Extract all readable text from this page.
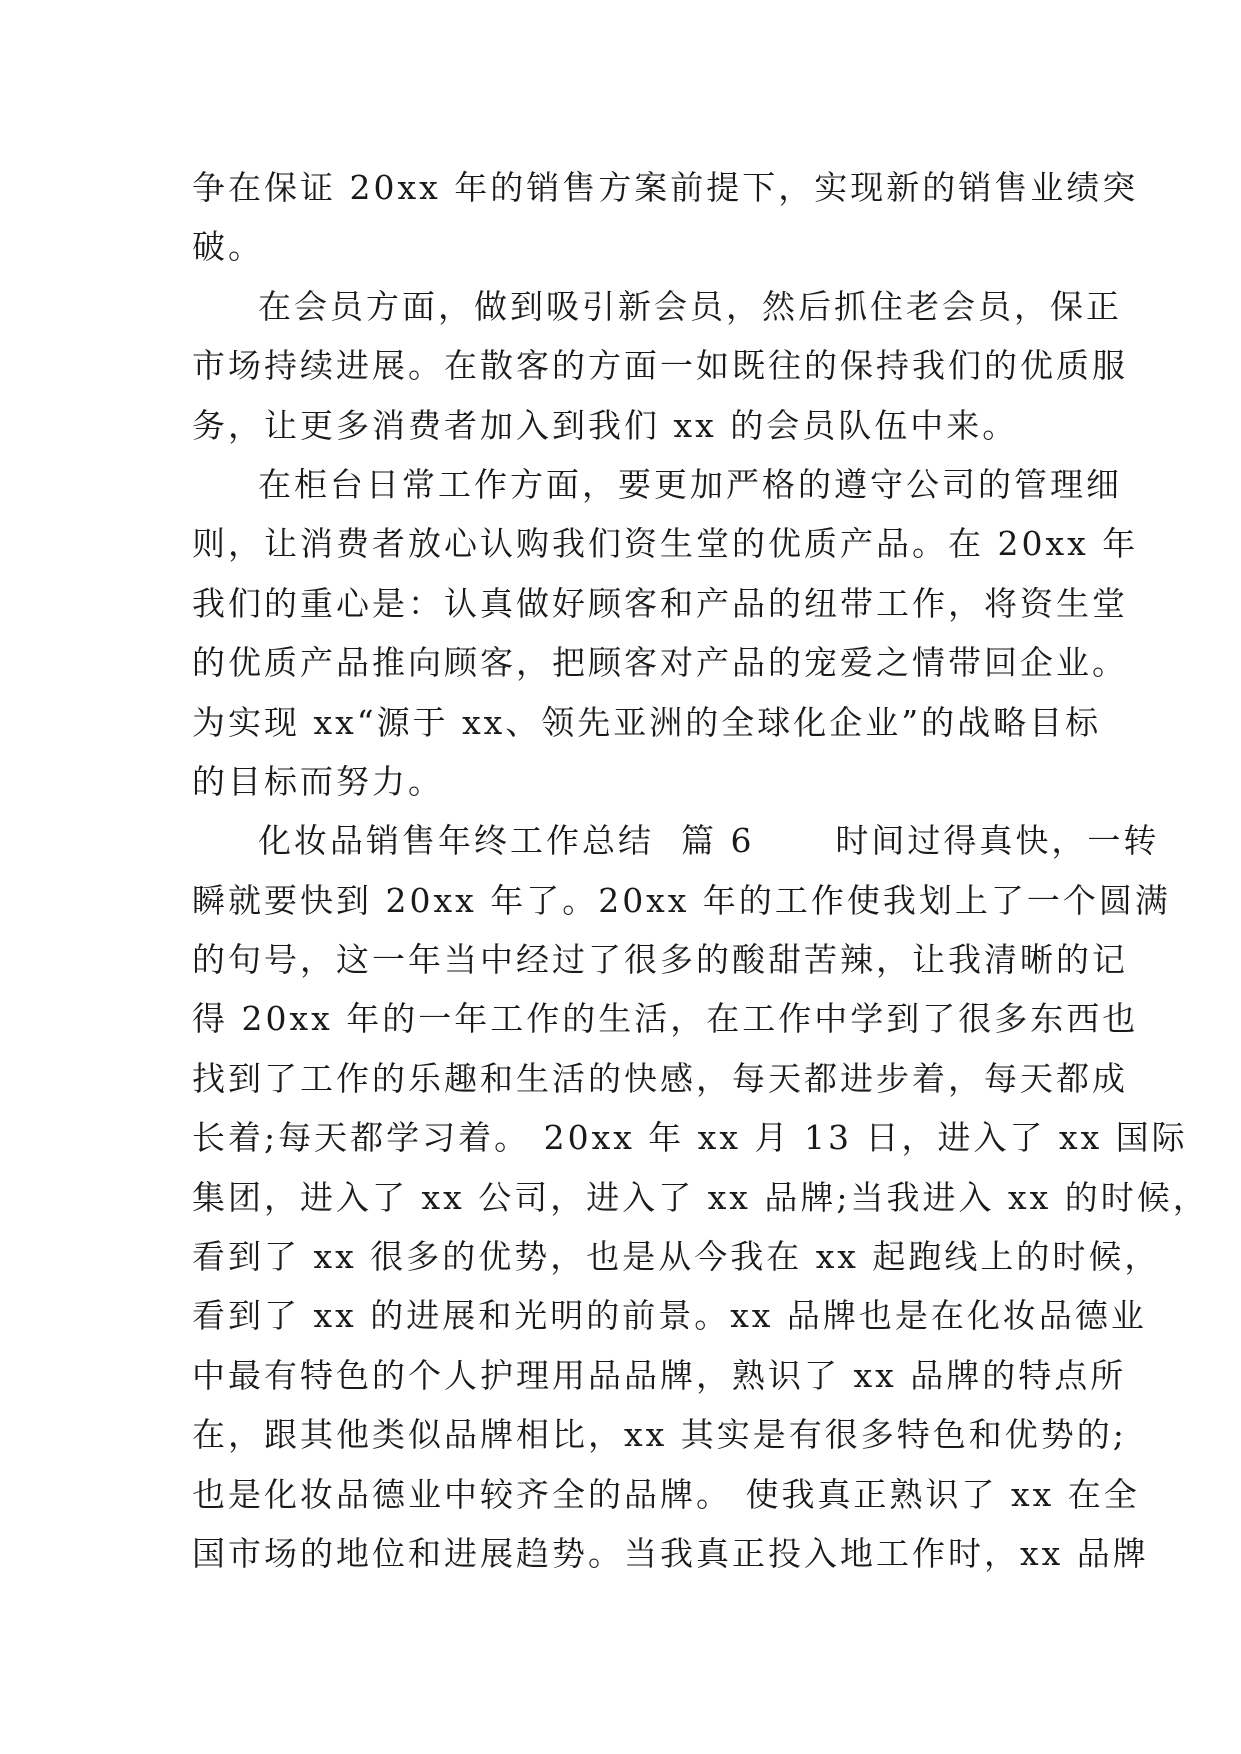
争在保证 20xx 年的销售方案前提下，实现新的销售业绩突
破。
在会员方面，做到吸引新会员，然后抓住老会员，保正
市场持续进展。在散客的方面一如既往的保持我们的优质服
务，让更多消费者加入到我们 xx 的会员队伍中来。
在柜台日常工作方面，要更加严格的遵守公司的管理细
则，让消费者放心认购我们资生堂的优质产品。在 20xx 年
我们的重心是：认真做好顾客和产品的纽带工作，将资生堂
的优质产品推向顾客，把顾客对产品的宠爱之情带回企业。
为实现 xx“源于 xx、领先亚洲的全球化企业”的战略目标
的目标而努力。
化妆品销售年终工作总结  篇 6      时间过得真快，一转
瞬就要快到 20xx 年了。20xx 年的工作使我划上了一个圆满
的句号，这一年当中经过了很多的酸甜苦辣，让我清晰的记
得 20xx 年的一年工作的生活，在工作中学到了很多东西也
找到了工作的乐趣和生活的快感，每天都进步着，每天都成
长着;每天都学习着。 20xx 年 xx 月 13 日，进入了 xx 国际
集团，进入了 xx 公司，进入了 xx 品牌;当我进入 xx 的时候，
看到了 xx 很多的优势，也是从今我在 xx 起跑线上的时候，
看到了 xx 的进展和光明的前景。xx 品牌也是在化妆品德业
中最有特色的个人护理用品品牌，熟识了 xx 品牌的特点所
在，跟其他类似品牌相比，xx 其实是有很多特色和优势的;
也是化妆品德业中较齐全的品牌。 使我真正熟识了 xx 在全
国市场的地位和进展趋势。当我真正投入地工作时，xx 品牌
